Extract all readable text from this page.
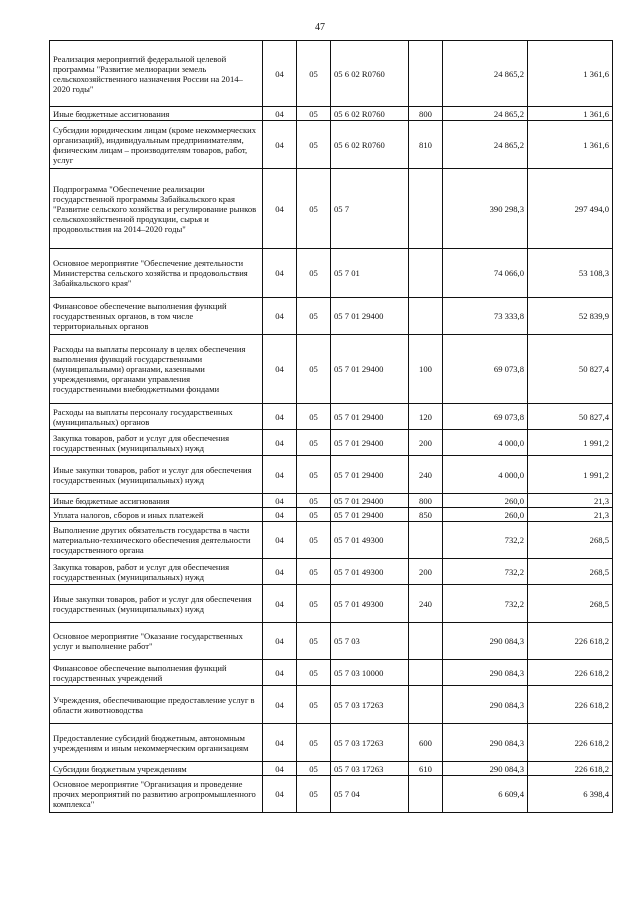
47
Реализация мероприятий федеральной целевой программы "Развитие мелиорации земель сельскохозяйственного назначения России на 2014–2020 годы"	04	05	05 6 02 R0760		24 865,2	1 361,6
Иные бюджетные ассигнования	04	05	05 6 02 R0760	800	24 865,2	1 361,6
Субсидии юридическим лицам (кроме некоммерческих организаций), индивидуальным предпринимателям, физическим лицам – производителям товаров, работ, услуг	04	05	05 6 02 R0760	810	24 865,2	1 361,6
Подпрограмма "Обеспечение реализации государственной программы Забайкальского края "Развитие сельского хозяйства и регулирование рынков сельскохозяйственной продукции, сырья и продовольствия на 2014–2020 годы"	04	05	05 7		390 298,3	297 494,0
Основное мероприятие "Обеспечение деятельности Министерства сельского хозяйства и продовольствия Забайкальского края"	04	05	05 7 01		74 066,0	53 108,3
Финансовое обеспечение выполнения функций государственных органов, в том числе территориальных органов	04	05	05 7 01 29400		73 333,8	52 839,9
Расходы на выплаты персоналу в целях обеспечения выполнения функций государственными (муниципальными) органами, казенными учреждениями, органами управления государственными внебюджетными фондами	04	05	05 7 01 29400	100	69 073,8	50 827,4
Расходы на выплаты персоналу государственных (муниципальных) органов	04	05	05 7 01 29400	120	69 073,8	50 827,4
Закупка товаров, работ и услуг для обеспечения государственных (муниципальных) нужд	04	05	05 7 01 29400	200	4 000,0	1 991,2
Иные закупки товаров, работ и услуг для обеспечения государственных (муниципальных) нужд	04	05	05 7 01 29400	240	4 000,0	1 991,2
Иные бюджетные ассигнования	04	05	05 7 01 29400	800	260,0	21,3
Уплата налогов, сборов и иных платежей	04	05	05 7 01 29400	850	260,0	21,3
Выполнение других обязательств государства в части материально-технического обеспечения деятельности государственного органа	04	05	05 7 01 49300		732,2	268,5
Закупка товаров, работ и услуг для обеспечения государственных (муниципальных) нужд	04	05	05 7 01 49300	200	732,2	268,5
Иные закупки товаров, работ и услуг для обеспечения государственных (муниципальных) нужд	04	05	05 7 01 49300	240	732,2	268,5
Основное мероприятие "Оказание государственных услуг и выполнение работ"	04	05	05 7 03		290 084,3	226 618,2
Финансовое обеспечение выполнения функций государственных учреждений	04	05	05 7 03 10000		290 084,3	226 618,2
Учреждения, обеспечивающие предоставление услуг в области животноводства	04	05	05 7 03 17263		290 084,3	226 618,2
Предоставление субсидий бюджетным, автономным учреждениям и иным некоммерческим организациям	04	05	05 7 03 17263	600	290 084,3	226 618,2
Субсидии бюджетным учреждениям	04	05	05 7 03 17263	610	290 084,3	226 618,2
Основное мероприятие "Организация и проведение прочих мероприятий по развитию агропромышленного комплекса"	04	05	05 7 04		6 609,4	6 398,4
